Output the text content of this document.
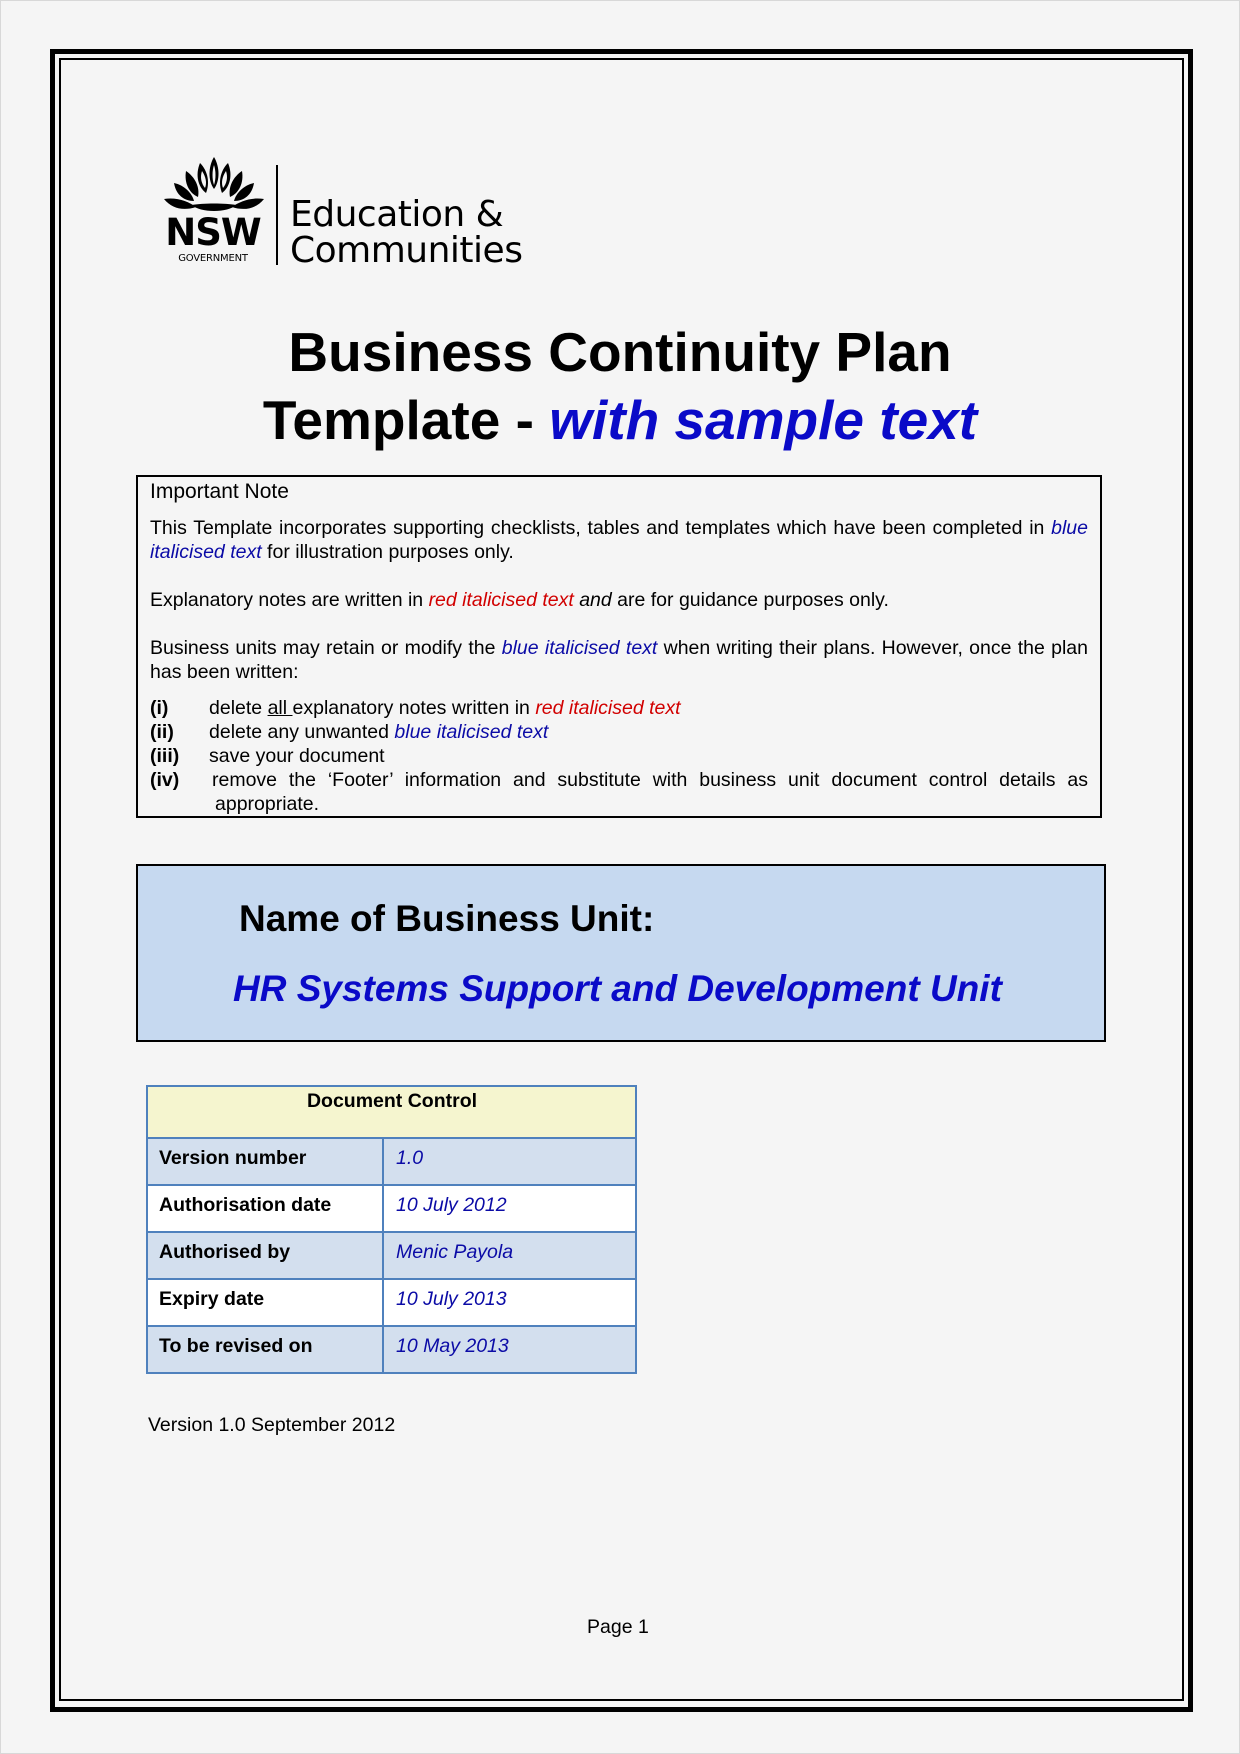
NSW
GOVERNMENT
Education &
Communities
Business Continuity Plan
Template - with sample text
Important Note

This Template incorporates supporting checklists, tables and templates which have been completed in blue italicised text for illustration purposes only.

Explanatory notes are written in red italicised text and are for guidance purposes only.

Business units may retain or modify the blue italicised text when writing their plans. However, once the plan has been written:

(i) delete all explanatory notes written in red italicised text
(ii) delete any unwanted blue italicised text
(iii) save your document
(iv) remove the ‘Footer’ information and substitute with business unit document control details as
appropriate.
Name of Business Unit:
HR Systems Support and Development Unit
Document Control	
Version number	1.0
Authorisation date	10 July 2012
Authorised by	Menic Payola
Expiry date	10 July 2013
To be revised on	10 May 2013
Version 1.0 September 2012
Page 1
